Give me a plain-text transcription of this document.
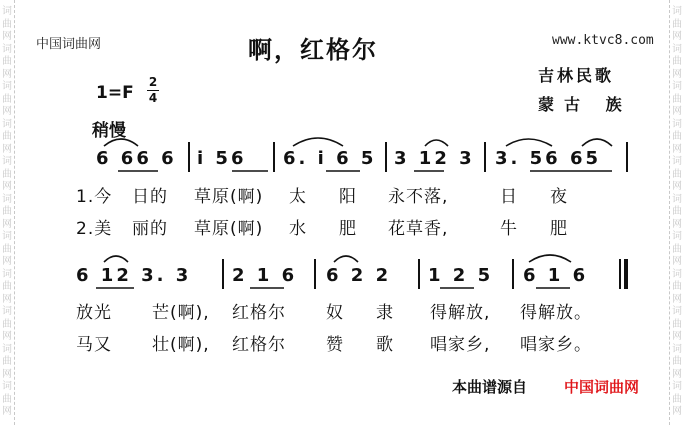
词
曲
网
词
曲
网
词
曲
网
词
曲
网
词
曲
网
词
曲
网
词
曲
网
词
曲
网
词
曲
网
词
曲
网
词
曲
网
词
曲
网
词
曲
网
词
曲
网
词
曲
网
词
曲
网
词
曲
网
词
曲
网
词
曲
网
词
曲
网
词
曲
网
词
曲
网
中国词曲网	www.ktvc8.com
啊，红格尔
吉林民歌
蒙古 族
1=F
2
4
稍慢
6 66 6 i 56 6. i 6 5 3 12 3 3. 56 65
1.今 日的 草原(啊) 太 阳 永不落,	日 夜
2.美 丽的 草原(啊) 水 肥 花草香,	牛 肥
6 12 3. 3 2 1 6 6 2 2 1 2 5 6 1 6
放光 芒(啊), 红格尔 奴 隶 得解放, 得解放。
马又 壮(啊), 红格尔 赞 歌 唱家乡, 唱家乡。
本曲谱源自 中国词曲网
